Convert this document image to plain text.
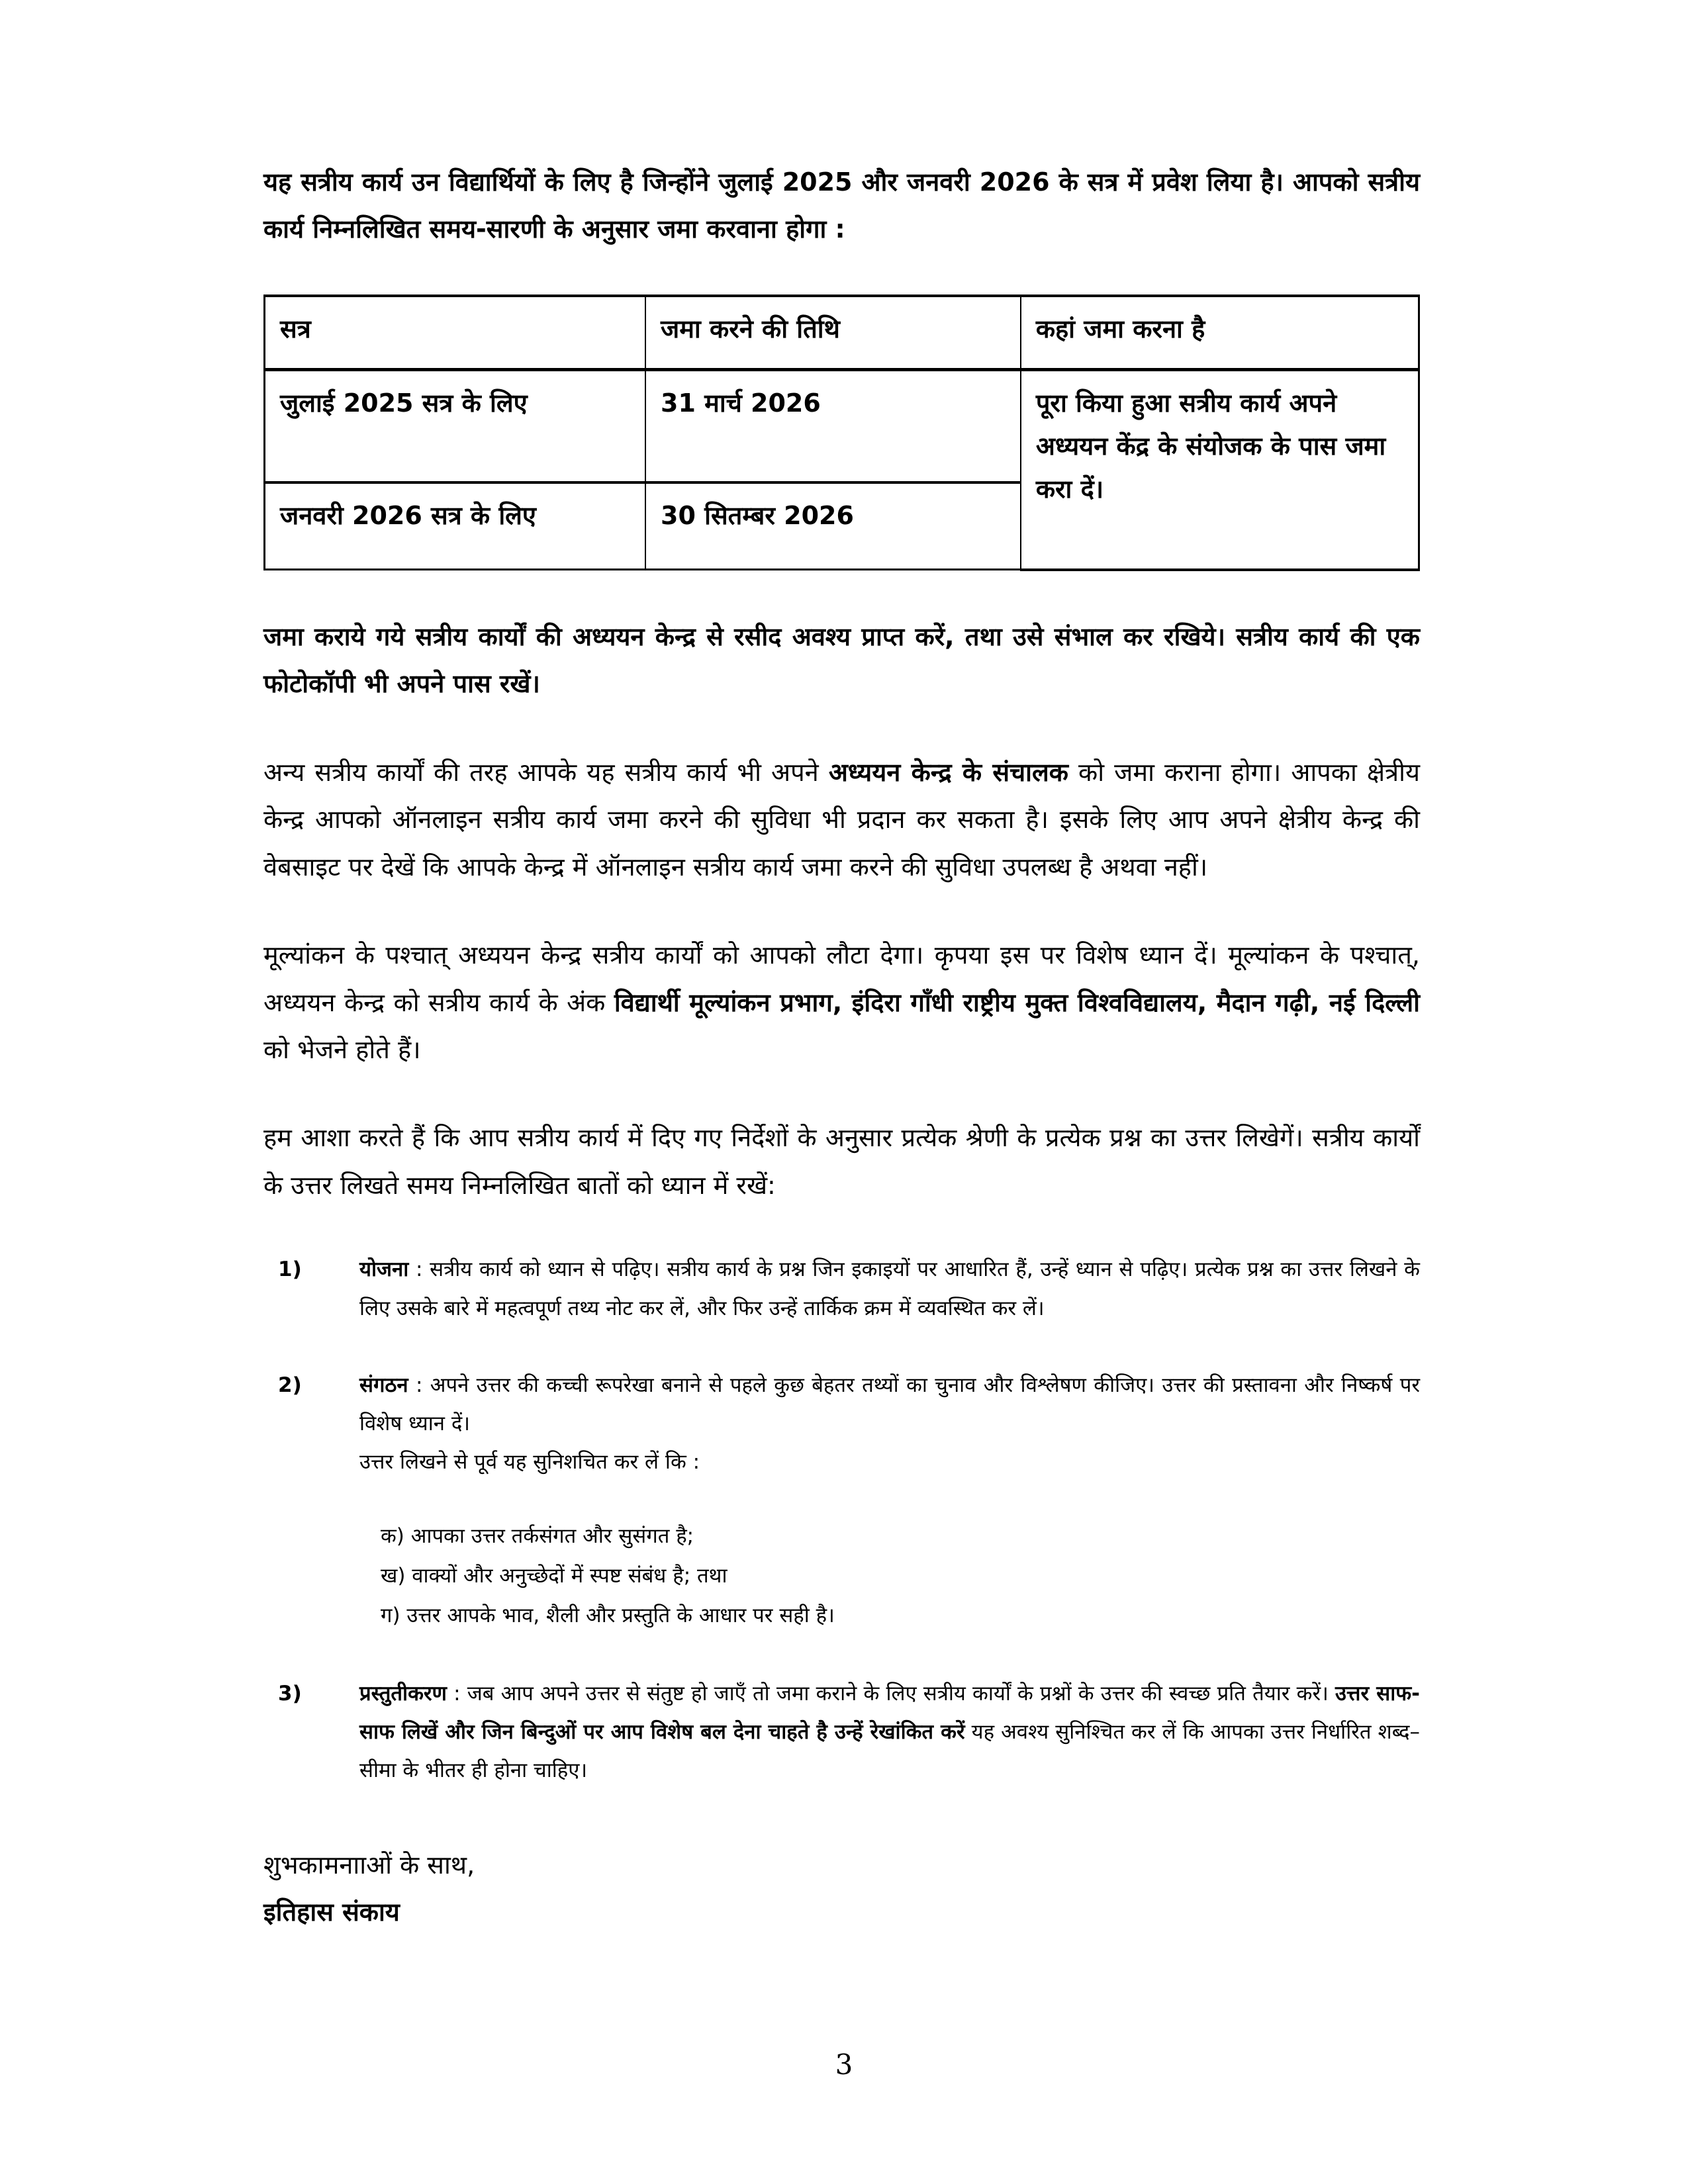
यह सत्रीय कार्य उन विद्यार्थियों के लिए है जिन्होंने जुलाई 2025 और जनवरी 2026 के सत्र में प्रवेश लिया है। आपको सत्रीय कार्य निम्नलिखित समय-सारणी के अनुसार जमा करवाना होगा :

सत्र	जमा करने की तिथि	कहां जमा करना है
जुलाई 2025 सत्र के लिए	31 मार्च 2026	पूरा किया हुआ सत्रीय कार्य अपने अध्ययन केंद्र के संयोजक के पास जमा करा दें।
जनवरी 2026 सत्र के लिए	30 सितम्बर 2026	

जमा कराये गये सत्रीय कार्यों की अध्ययन केन्द्र से रसीद अवश्य प्राप्त करें, तथा उसे संभाल कर रखिये। सत्रीय कार्य की एक फोटोकॉपी भी अपने पास रखें।

अन्य सत्रीय कार्यों की तरह आपके यह सत्रीय कार्य भी अपने अध्ययन केन्द्र के संचालक को जमा कराना होगा। आपका क्षेत्रीय केन्द्र आपको ऑनलाइन सत्रीय कार्य जमा करने की सुविधा भी प्रदान कर सकता है। इसके लिए आप अपने क्षेत्रीय केन्द्र की वेबसाइट पर देखें कि आपके केन्द्र में ऑनलाइन सत्रीय कार्य जमा करने की सुविधा उपलब्ध है अथवा नहीं।

मूल्यांकन के पश्चात् अध्ययन केन्द्र सत्रीय कार्यों को आपको लौटा देगा। कृपया इस पर विशेष ध्यान दें। मूल्यांकन के पश्चात्, अध्ययन केन्द्र को सत्रीय कार्य के अंक विद्यार्थी मूल्यांकन प्रभाग, इंदिरा गाँधी राष्ट्रीय मुक्त विश्वविद्यालय, मैदान गढ़ी, नई दिल्ली को भेजने होते हैं।

हम आशा करते हैं कि आप सत्रीय कार्य में दिए गए निर्देशों के अनुसार प्रत्येक श्रेणी के प्रत्येक प्रश्न का उत्तर लिखेगें। सत्रीय कार्यों के उत्तर लिखते समय निम्नलिखित बातों को ध्यान में रखें:

1)	योजना : सत्रीय कार्य को ध्यान से पढ़िए। सत्रीय कार्य के प्रश्न जिन इकाइयों पर आधारित हैं, उन्हें ध्यान से पढ़िए। प्रत्येक प्रश्न का उत्तर लिखने के लिए उसके बारे में महत्वपूर्ण तथ्य नोट कर लें, और फिर उन्हें तार्किक क्रम में व्यवस्थित कर लें।
2)	संगठन : अपने उत्तर की कच्ची रूपरेखा बनाने से पहले कुछ बेहतर तथ्यों का चुनाव और विश्लेषण कीजिए। उत्तर की प्रस्तावना और निष्कर्ष पर विशेष ध्यान दें।
उत्तर लिखने से पूर्व यह सुनिशचित कर लें कि :
क) आपका उत्तर तर्कसंगत और सुसंगत है;
ख) वाक्यों और अनुच्छेदों में स्पष्ट संबंध है; तथा
ग) उत्तर आपके भाव, शैली और प्रस्तुति के आधार पर सही है।
3)	प्रस्तुतीकरण : जब आप अपने उत्तर से संतुष्ट हो जाएँ तो जमा कराने के लिए सत्रीय कार्यों के प्रश्नों के उत्तर की स्वच्छ प्रति तैयार करें। उत्तर साफ-साफ लिखें और जिन बिन्दुओं पर आप विशेष बल देना चाहते है उन्हें रेखांकित करें यह अवश्य सुनिश्चित कर लें कि आपका उत्तर निर्धारित शब्द–सीमा के भीतर ही होना चाहिए।
शुभकामनााओं के साथ,
इतिहास संकाय
3
